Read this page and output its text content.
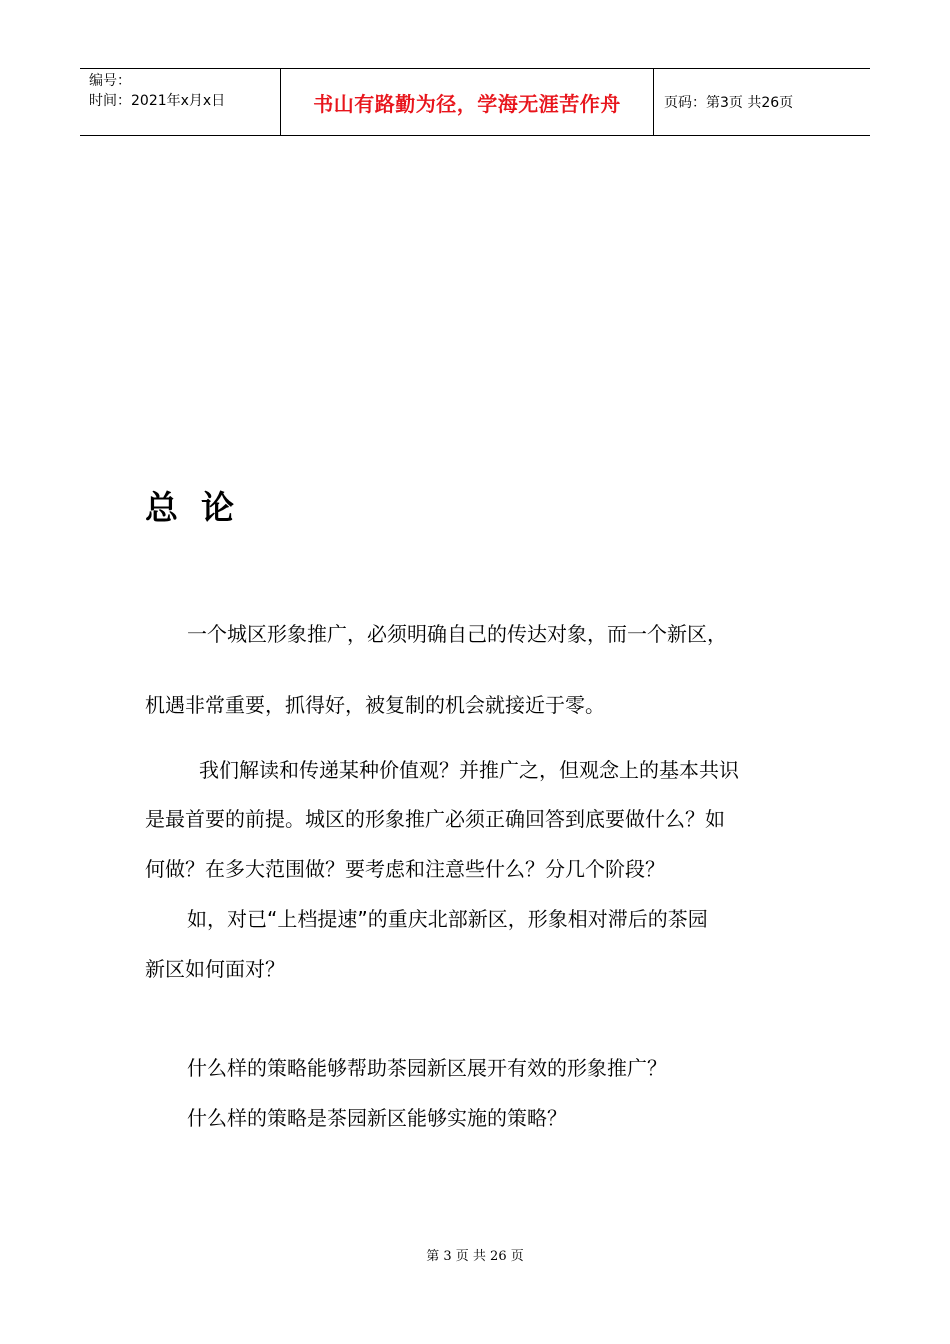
编号：
时间：2021年x月x日	书山有路勤为径，学海无涯苦作舟	页码：第3页 共26页
总  论

一个城区形象推广，必须明确自己的传达对象，而一个新区，

机遇非常重要，抓得好，被复制的机会就接近于零。

我们解读和传递某种价值观？并推广之，但观念上的基本共识

是最首要的前提。城区的形象推广必须正确回答到底要做什么？如

何做？在多大范围做？要考虑和注意些什么？分几个阶段？

如，对已“上档提速”的重庆北部新区，形象相对滞后的茶园

新区如何面对？

什么样的策略能够帮助茶园新区展开有效的形象推广？

什么样的策略是茶园新区能够实施的策略？

第 3 页 共 26 页
